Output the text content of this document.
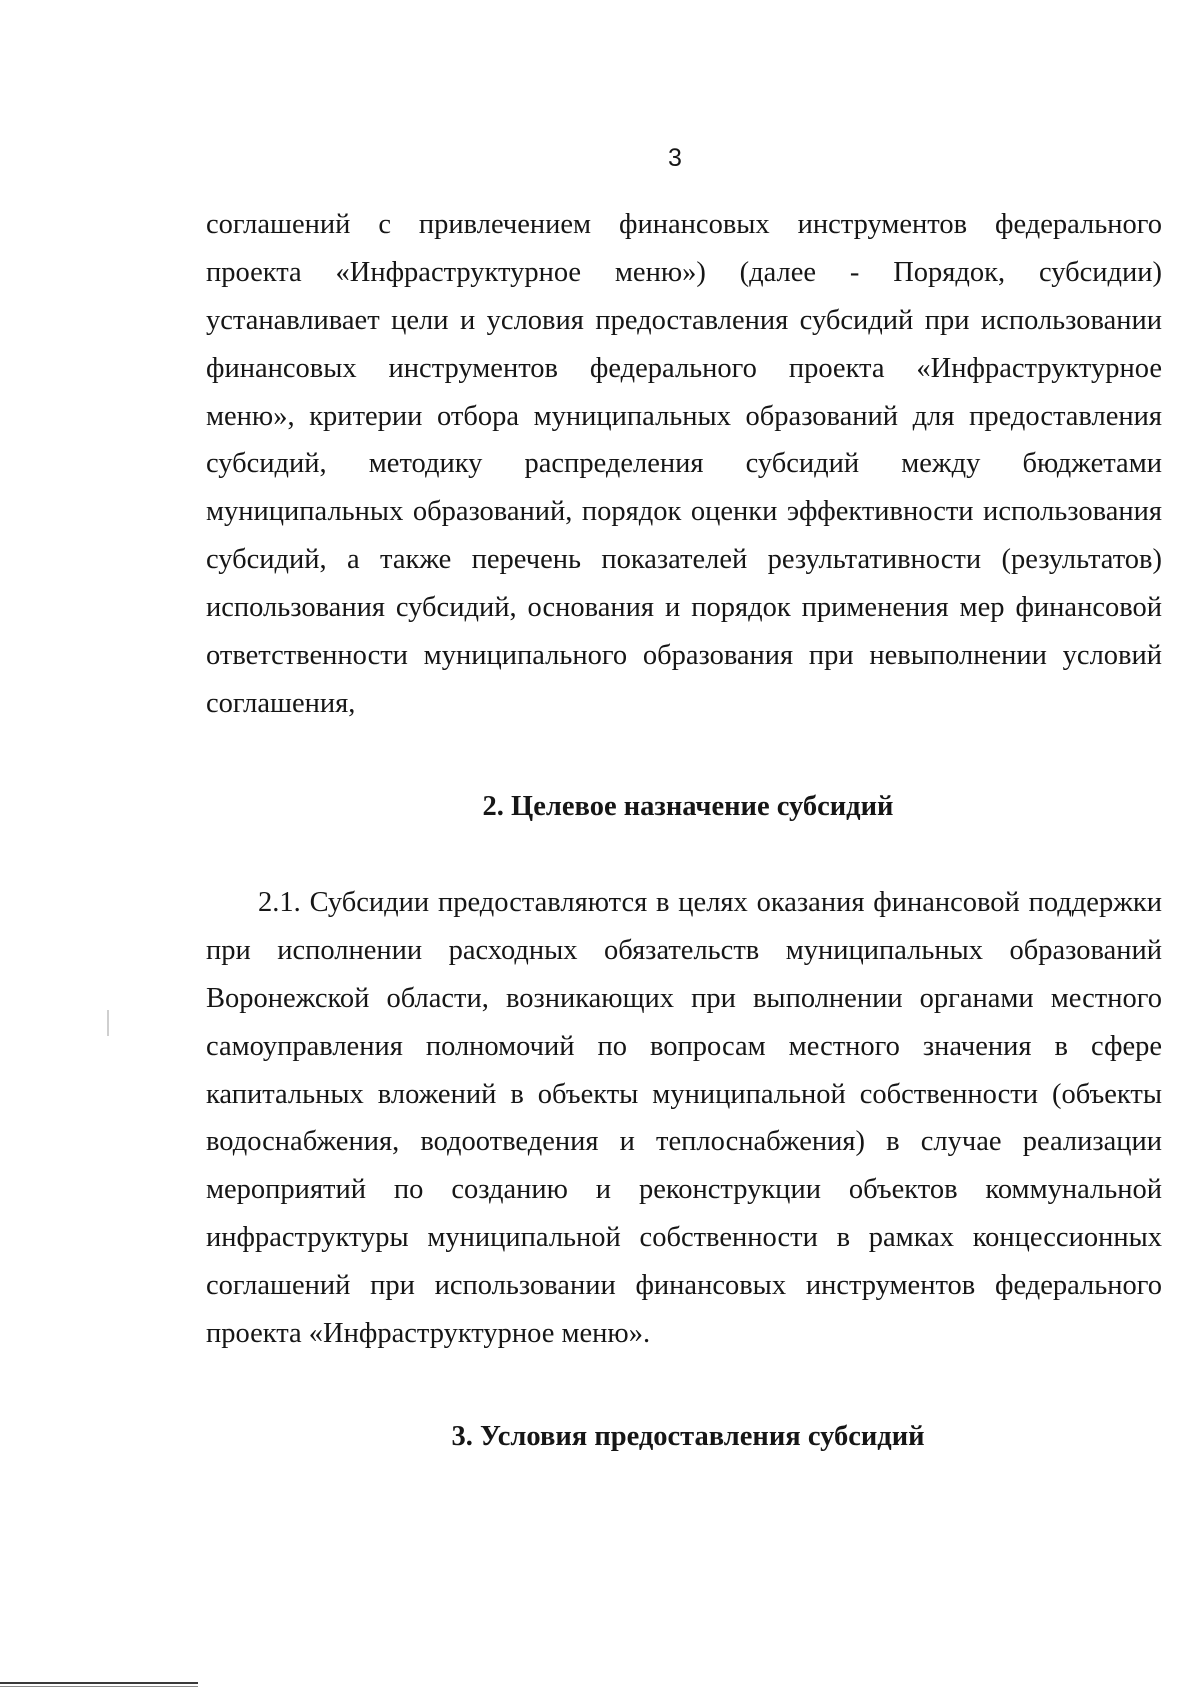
3
соглашений с привлечением финансовых инструментов федерального
проекта «Инфраструктурное меню») (далее - Порядок, субсидии)
устанавливает цели и условия предоставления субсидий при использовании
финансовых инструментов федерального проекта «Инфраструктурное
меню», критерии отбора муниципальных образований для предоставления
субсидий, методику распределения субсидий между бюджетами
муниципальных образований, порядок оценки эффективности использования
субсидий, а также перечень показателей результативности (результатов)
использования субсидий, основания и порядок применения мер финансовой
ответственности муниципального образования при невыполнении условий
соглашения,
2. Целевое назначение субсидий
2.1. Субсидии предоставляются в целях оказания финансовой поддержки
при исполнении расходных обязательств муниципальных образований
Воронежской области, возникающих при выполнении органами местного
самоуправления полномочий по вопросам местного значения в сфере
капитальных вложений в объекты муниципальной собственности (объекты
водоснабжения, водоотведения и теплоснабжения) в случае реализации
мероприятий по созданию и реконструкции объектов коммунальной
инфраструктуры муниципальной собственности в рамках концессионных
соглашений при использовании финансовых инструментов федерального
проекта «Инфраструктурное меню».
3. Условия предоставления субсидий
